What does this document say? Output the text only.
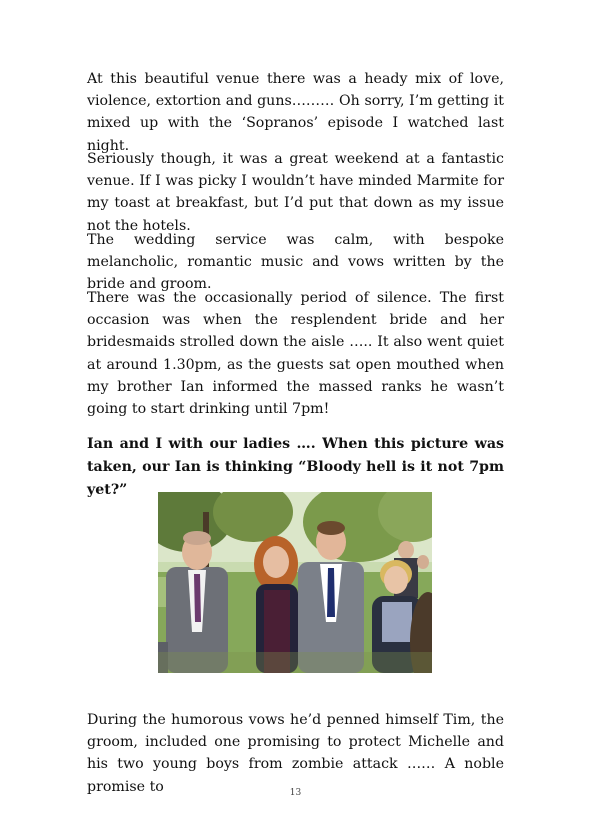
At this beautiful venue there was a heady mix of love, violence, extortion and guns……… Oh sorry, I’m getting it mixed up with the ‘Sopranos’ episode I watched last night.

Seriously though, it was a great weekend at a fantastic venue. If I was picky I wouldn’t have minded Marmite for my toast at breakfast, but I’d put that down as my issue not the hotels.

The wedding service was calm, with bespoke melancholic, romantic music and vows written by the bride and groom.

There was the occasionally period of silence. The first occasion was when the resplendent bride and her bridesmaids strolled down the aisle ….. It also went quiet at around 1.30pm, as the guests sat open mouthed when my brother Ian informed the massed ranks he wasn’t going to start drinking until 7pm!

Ian and I with our ladies …. When this picture was taken, our Ian is thinking “Bloody hell is it not 7pm yet?”

During the humorous vows he’d penned himself Tim, the groom, included one promising to protect Michelle and his two young boys from zombie attack …… A noble promise to	13
